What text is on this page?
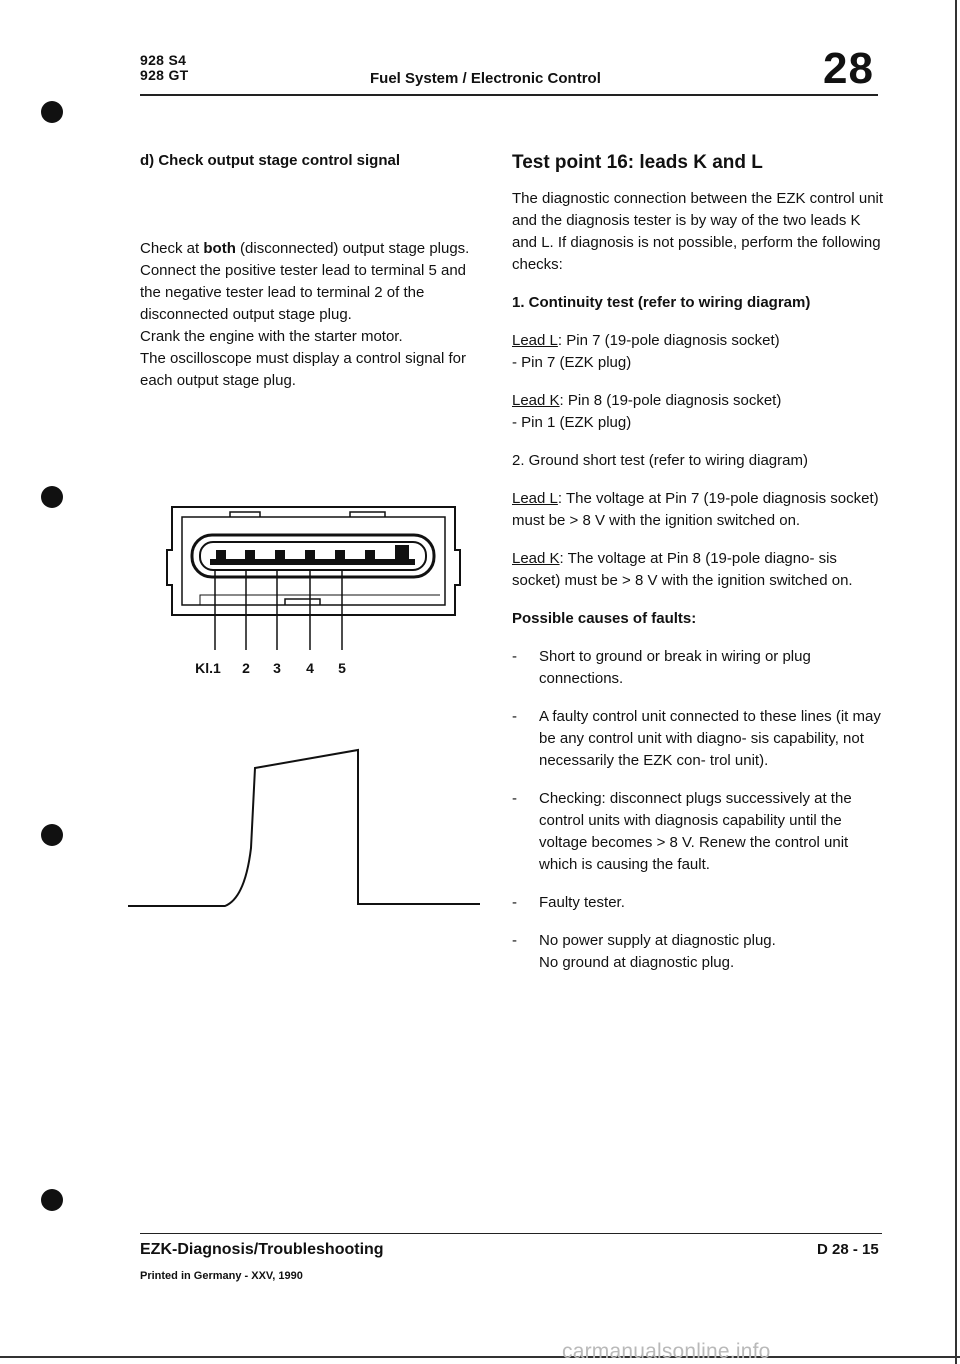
928 S4
928 GT	Fuel System / Electronic Control	28

d) Check output stage control signal

Check at both (disconnected) output stage plugs.

Connect the positive tester lead to terminal 5 and the negative tester lead to terminal 2 of the disconnected output stage plug.

Crank the engine with the starter motor.

The oscilloscope must display a control signal for each output stage plug.

Kl.1 2 3 4 5

Test point 16: leads K and L

The diagnostic connection between the EZK control unit and the diagnosis tester is by way of the two leads K and L. If diagnosis is not possible, perform the following checks:

1. Continuity test (refer to wiring diagram)

Lead L: Pin 7 (19-pole diagnosis socket)
- Pin 7 (EZK plug)

Lead K: Pin 8 (19-pole diagnosis socket)
- Pin 1 (EZK plug)

2. Ground short test (refer to wiring diagram)

Lead L: The voltage at Pin 7 (19-pole diagnosis socket) must be > 8 V with the ignition switched on.

Lead K: The voltage at Pin 8 (19-pole diagno- sis socket) must be > 8 V with the ignition switched on.

Possible causes of faults:

- Short to ground or break in wiring or plug connections.
- A faulty control unit connected to these lines (it may be any control unit with diagno- sis capability, not necessarily the EZK con- trol unit).
- Checking: disconnect plugs successively at the control units with diagnosis capability until the voltage becomes > 8 V. Renew the control unit which is causing the fault.
- Faulty tester.
- No power supply at diagnostic plug.
No ground at diagnostic plug.
EZK-Diagnosis/Troubleshooting
Printed in Germany - XXV, 1990
D 28 - 15
carmanualsonline.info
